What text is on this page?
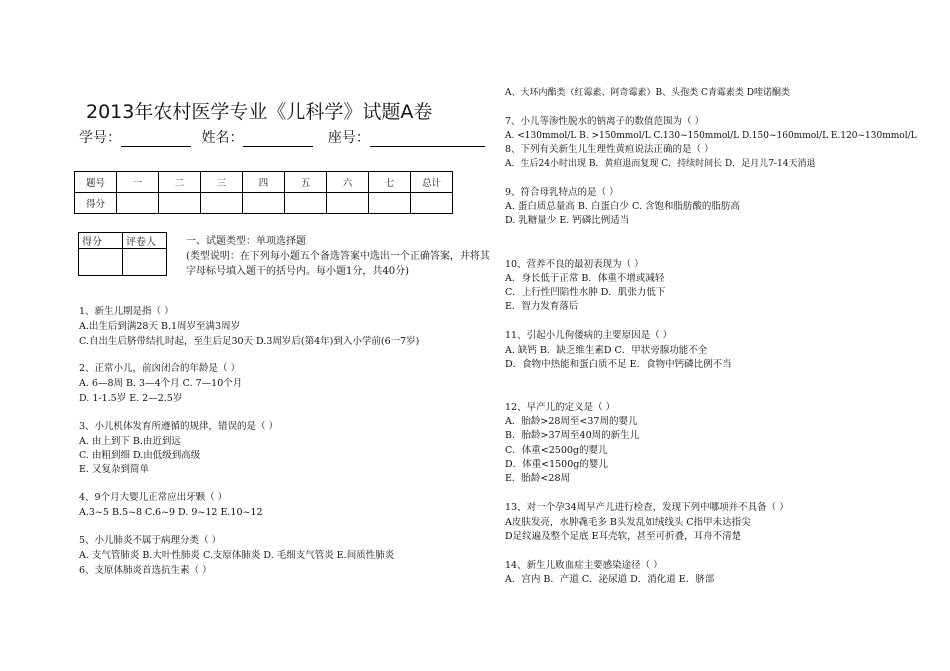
2013年农村医学专业《儿科学》试题A卷
学号：	姓名：	座号：
题号	一	二	三	四	五	六	七	总计
得分								
得分	评卷人
		一、试题类型：单项选择题
(类型说明：在下列每小题五个备选答案中选出一个正确答案，并将其
字母标号填入题干的括号内。每小题1分，共40分)
1、新生儿期是指（ ）
A.出生后到满28天 B.1周岁至满3周岁
C.自出生后脐带结扎时起，至生后足30天 D.3周岁后(第4年)到入小学前(6一7岁)
2、正常小儿，前囟闭合的年龄是（ ）
A. 6—8周 B. 3—4个月 C. 7—10个月
D. 1-1.5岁 E. 2—2.5岁
3、小儿机体发育所遵循的规律，错误的是（ ）
A. 由上到下 B.由近到远
C. 由粗到细 D.由低级到高级
E. 又复杂到简单
4、9个月大婴儿正常应出牙颗（ ）
A.3~5 B.5~8 C.6~9 D. 9~12 E.10~12
5、小儿肺炎不属于病理分类（ ）
A. 支气管肺炎 B.大叶性肺炎 C.支原体肺炎 D. 毛细支气管炎 E.间质性肺炎
6、支原体肺炎首选抗生素（ ）
A、大环内酯类（红霉素、阿奇霉素）B、头孢类 C青霉素类 D喹诺酮类
7、小儿等渗性脱水的钠离子的数值范围为（ ）
A. <130mmol/L B. >150mmol/L C.130~150mmol/L D.150~160mmol/L E.120~130mmol/L
8、下列有关新生儿生理性黄疸说法正确的是（ ）
A．生后24小时出现 B．黄疸退而复现 C．持续时间长 D．足月儿7-14天消退
9、符合母乳特点的是（ ）
A. 蛋白质总量高 B. 白蛋白少 C. 含饱和脂肪酸的脂肪高
D. 乳糖量少 E. 钙磷比例适当
10、营养不良的最初表现为（ ）
A．身长低于正常 B．体重不增或减轻
C．上行性凹陷性水肿 D．肌张力低下
E．智力发育落后
11、引起小儿佝偻病的主要原因是（ ）
A. 缺钙 B．缺乏维生素D C．甲状旁腺功能不全
D．食物中热能和蛋白质不足 E．食物中钙磷比例不当
12、早产儿的定义是（ ）
A．胎龄>28周至<37周的婴儿
B．胎龄>37周至40周的新生儿
C．体重<2500g的婴儿
D．体重<1500g的婴儿
E．胎龄<28周
13、对一个孕34周早产儿进行检查，发现下列中哪项并不具备（ ）
A皮肤发亮，水肿毳毛多 B头发乱如绒线头 C指甲未达指尖
D足纹遍及整个足底 E耳壳软，甚至可折叠，耳舟不清楚
14、新生儿败血症主要感染途径（ ）
A．宫内 B．产道 C．泌尿道 D．消化道 E．脐部
